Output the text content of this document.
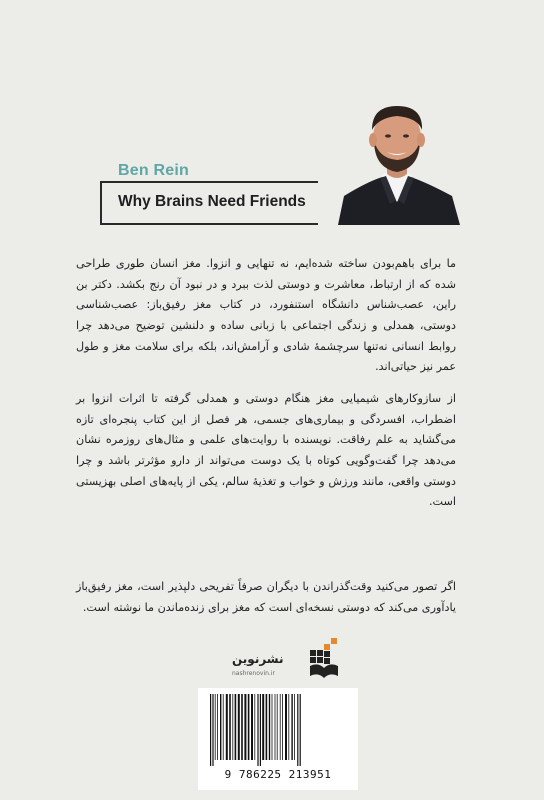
Ben Rein
Why Brains Need Friends

ما برای باهم‌بودن ساخته شده‌ایم، نه تنهایی و انزوا. مغز انسان طوری طراحی شده که از ارتباط، معاشرت و دوستی لذت ببرد و در نبود آن رنج بکشد. دکتر بن راین، عصب‌شناس دانشگاه استنفورد، در کتاب مغز رفیق‌باز: عصب‌شناسی دوستی، همدلی و زندگی اجتماعی با زبانی ساده و دلنشین توضیح می‌دهد چرا روابط انسانی نه‌تنها سرچشمهٔ شادی و آرامش‌اند، بلکه برای سلامت مغز و طول عمر نیز حیاتی‌اند.

از سازوکارهای شیمیایی مغز هنگام دوستی و همدلی گرفته تا اثرات انزوا بر اضطراب، افسردگی و بیماری‌های جسمی، هر فصل از این کتاب پنجره‌ای تازه می‌گشاید به علم رفاقت. نویسنده با روایت‌های علمی و مثال‌های روزمره نشان می‌دهد چرا گفت‌وگویی کوتاه با یک دوست می‌تواند از دارو مؤثرتر باشد و چرا دوستی واقعی، مانند ورزش و خواب و تغذیهٔ سالم، یکی از پایه‌های اصلی بهزیستی است.

اگر تصور می‌کنید وقت‌گذراندن با دیگران صرفاً تفریحی دلپذیر است، مغز رفیق‌باز یادآوری می‌کند که دوستی نسخه‌ای است که مغز برای زنده‌ماندن ما نوشته است.

نشرنوین
nashrenovin.ir
9 786225 213951
